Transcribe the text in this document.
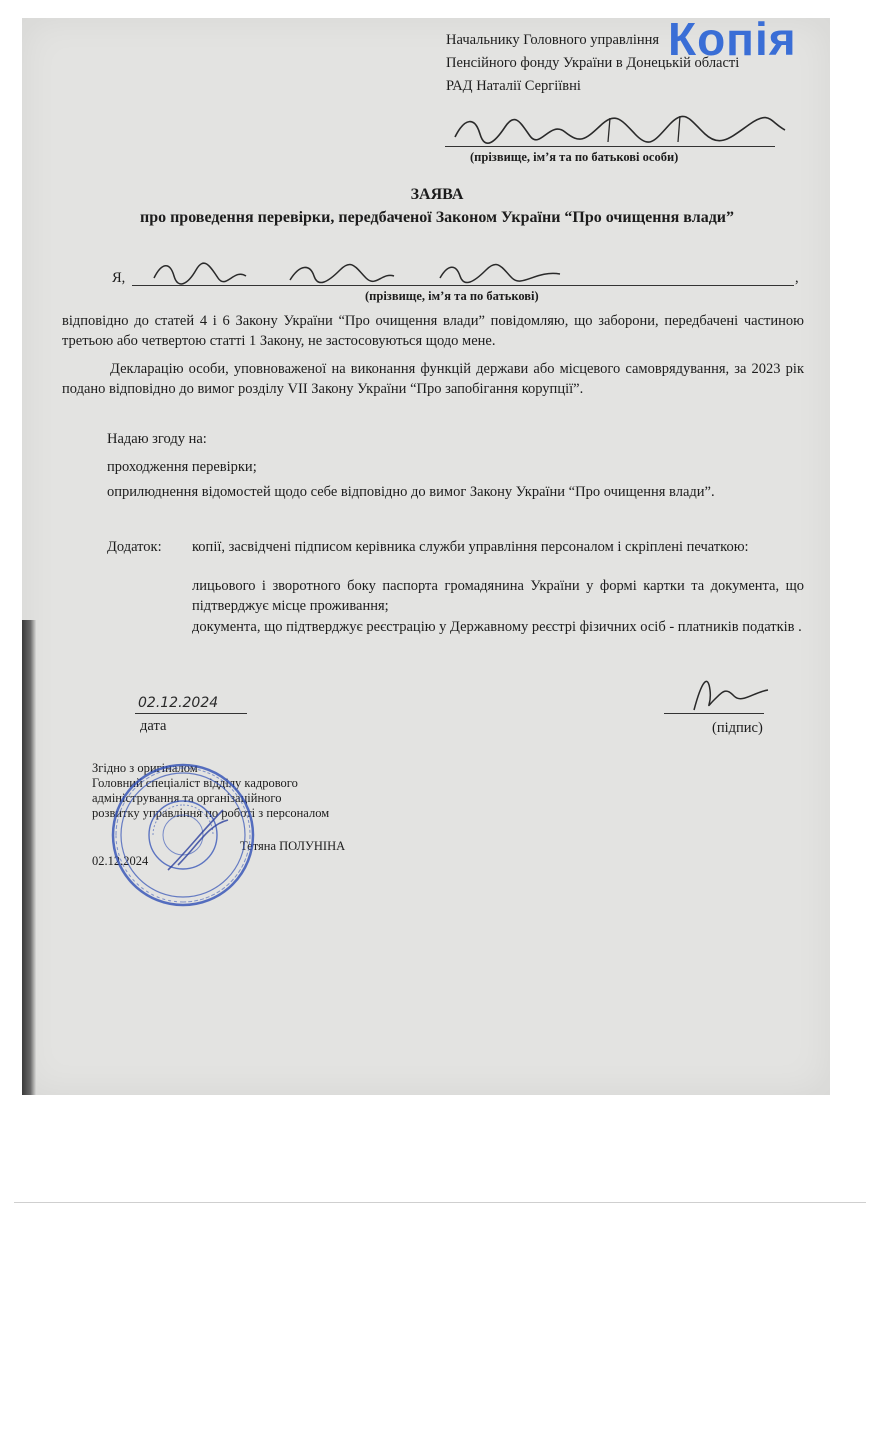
Начальнику Головного управління
Пенсійного фонду України в Донецькій області
РАД Наталії Сергіївні
Копія
(прізвище, ім’я та по батькові особи)
ЗАЯВА
про проведення перевірки, передбаченої Законом України “Про очищення влади”
Я,	,
(прізвище, ім’я та по батькові)
відповідно до статей 4 і 6 Закону України “Про очищення влади” повідомляю, що заборони, передбачені частиною третьою або четвертою статті 1 Закону, не застосовуються щодо мене.
Декларацію особи, уповноваженої на виконання функцій держави або місцевого самоврядування, за 2023 рік подано відповідно до вимог розділу VII Закону України “Про запобігання корупції”.
Надаю згоду на:
проходження перевірки;
оприлюднення відомостей щодо себе відповідно до вимог Закону України “Про очищення влади”.
Додаток: копії, засвідчені підписом керівника служби управління персоналом і скріплені печаткою:
лицьового і зворотного боку паспорта громадянина України у формі картки та документа, що підтверджує місце проживання;
документа, що підтверджує реєстрацію у Державному реєстрі фізичних осіб - платників податків .
02.12.2024
дата	(підпис)
Згідно з оригіналом
Головний спеціаліст відділу кадрового
адміністрування та організаційного
розвитку управління по роботі з персоналом
Тетяна ПОЛУНІНА
02.12.2024
